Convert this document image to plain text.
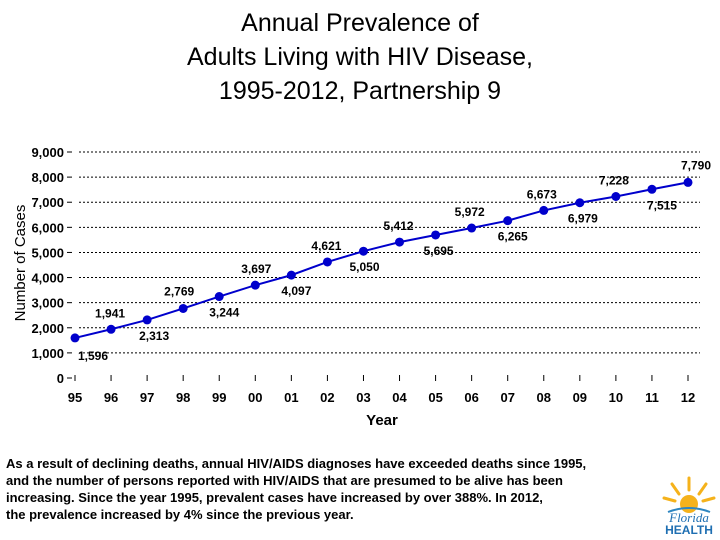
Annual Prevalence of
Adults Living with HIV Disease,
1995-2012, Partnership 9
0
1,000
2,000
3,000
4,000
5,000
6,000
7,000
8,000
9,000
95 96 97 98 99 00 01 02 03 04 05 06 07 08 09 10 11 12
Year
Number of Cases
1,596
1,941
2,313
2,769
3,244
3,697
4,097
4,621
5,050
5,412
5,695
5,972
6,265
6,673
6,979
7,228
7,515
7,790
As a result of declining deaths, annual HIV/AIDS diagnoses have exceeded deaths since 1995,
and the number of persons reported with HIV/AIDS that are presumed to be alive has been
increasing. Since the year 1995, prevalent cases have increased by over 388%. In 2012,
the prevalence increased by 4% since the previous year.	Florida
HEALTH
